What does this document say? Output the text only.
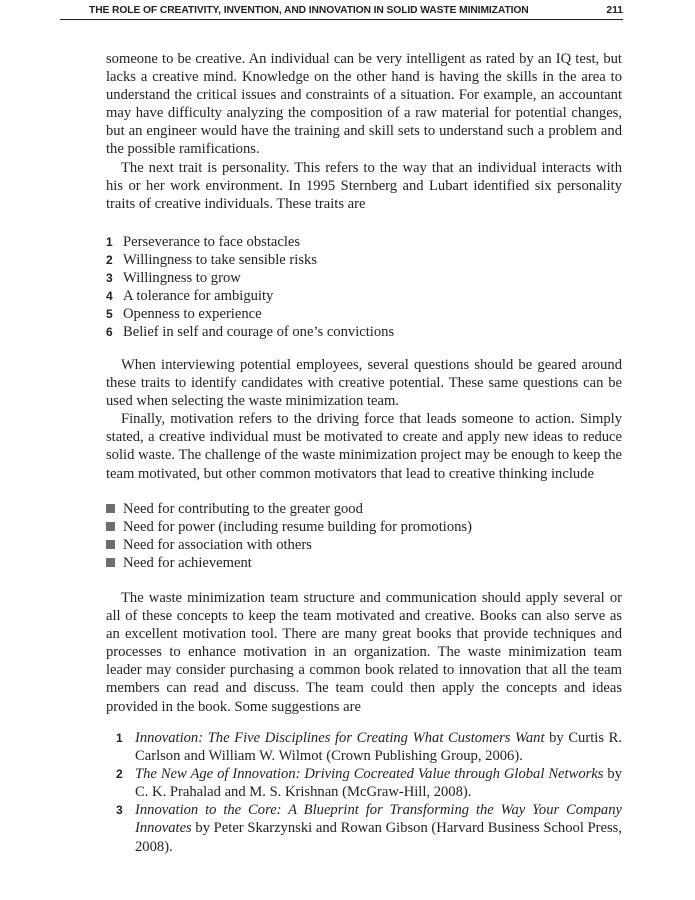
THE ROLE OF CREATIVITY, INVENTION, AND INNOVATION IN SOLID WASTE MINIMIZATION	211

someone to be creative. An individual can be very intelligent as rated by an IQ test, but lacks a creative mind. Knowledge on the other hand is having the skills in the area to understand the critical issues and constraints of a situation. For example, an accountant may have difficulty analyzing the composition of a raw material for potential changes, but an engineer would have the training and skill sets to understand such a problem and the possible ramifications.

The next trait is personality. This refers to the way that an individual interacts with his or her work environment. In 1995 Sternberg and Lubart identified six personality traits of creative individuals. These traits are

1 Perseverance to face obstacles
2 Willingness to take sensible risks
3 Willingness to grow
4 A tolerance for ambiguity
5 Openness to experience
6 Belief in self and courage of one’s convictions

When interviewing potential employees, several questions should be geared around these traits to identify candidates with creative potential. These same questions can be used when selecting the waste minimization team.

Finally, motivation refers to the driving force that leads someone to action. Simply stated, a creative individual must be motivated to create and apply new ideas to reduce solid waste. The challenge of the waste minimization project may be enough to keep the team motivated, but other common motivators that lead to creative thinking include

Need for contributing to the greater good
Need for power (including resume building for promotions)
Need for association with others
Need for achievement

The waste minimization team structure and communication should apply several or all of these concepts to keep the team motivated and creative. Books can also serve as an excellent motivation tool. There are many great books that provide techniques and processes to enhance motivation in an organization. The waste minimization team leader may consider purchasing a common book related to innovation that all the team members can read and discuss. The team could then apply the concepts and ideas provided in the book. Some suggestions are

1 Innovation: The Five Disciplines for Creating What Customers Want by Curtis R. Carlson and William W. Wilmot (Crown Publishing Group, 2006).
2 The New Age of Innovation: Driving Cocreated Value through Global Networks by C. K. Prahalad and M. S. Krishnan (McGraw-Hill, 2008).
3 Innovation to the Core: A Blueprint for Transforming the Way Your Company Innovates by Peter Skarzynski and Rowan Gibson (Harvard Business School Press, 2008).
